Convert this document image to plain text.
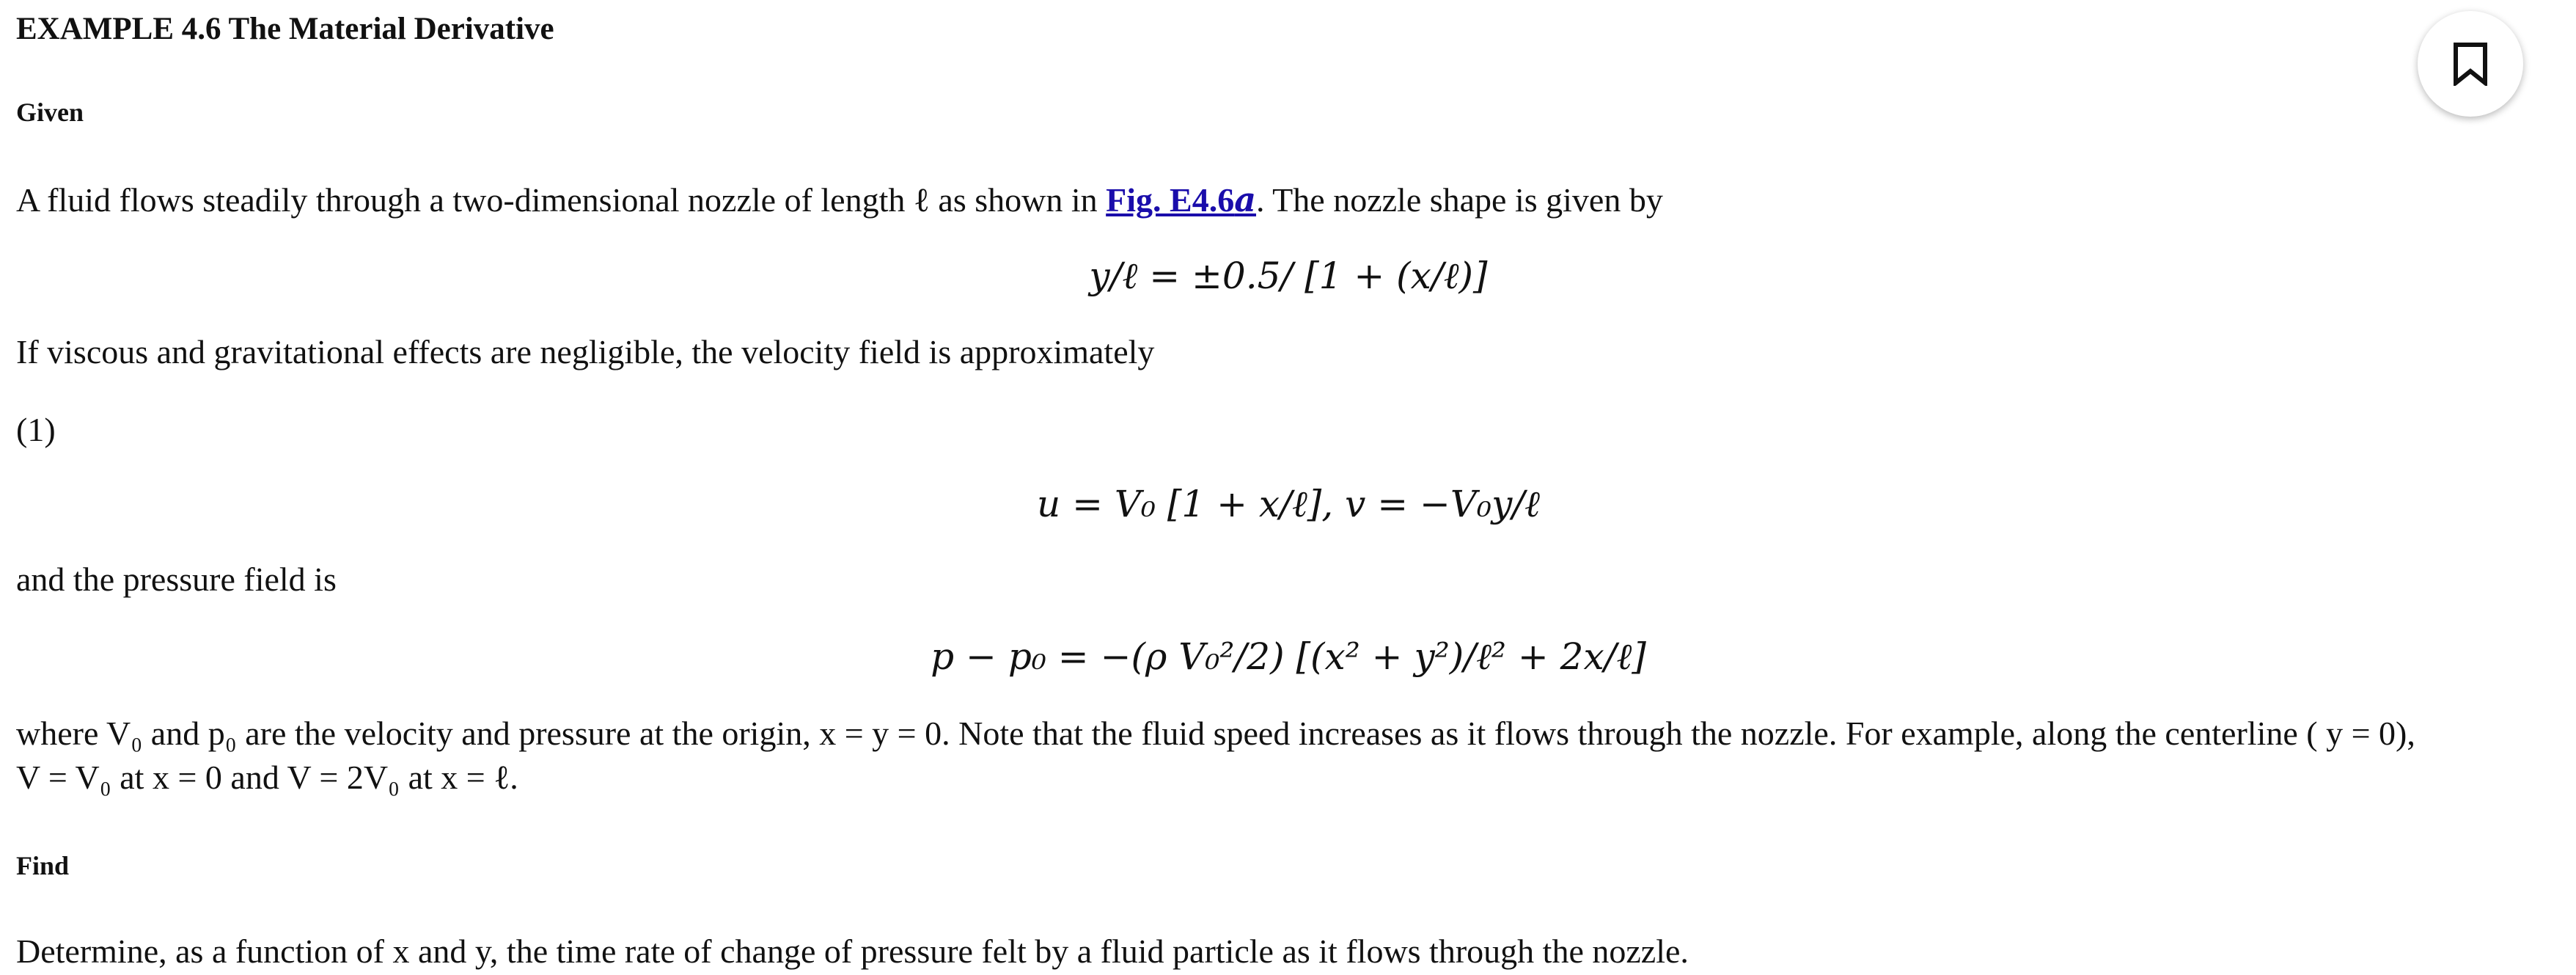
EXAMPLE 4.6 The Material Derivative
Given

A fluid flows steadily through a two-dimensional nozzle of length ℓ as shown in Fig. E4.6a. The nozzle shape is given by

y/ℓ = ±0.5/ [1 + (x/ℓ)]

If viscous and gravitational effects are negligible, the velocity field is approximately

(1)

u = V₀ [1 + x/ℓ], v = −V₀y/ℓ

and the pressure field is

p − p₀ = −(ρ V₀²/2) [(x² + y²)/ℓ² + 2x/ℓ]

where V₀ and p₀ are the velocity and pressure at the origin, x = y = 0. Note that the fluid speed increases as it flows through the nozzle. For example, along the centerline ( y = 0),

V = V₀ at x = 0 and V = 2V₀ at x = ℓ.

Find

Determine, as a function of x and y, the time rate of change of pressure felt by a fluid particle as it flows through the nozzle.
